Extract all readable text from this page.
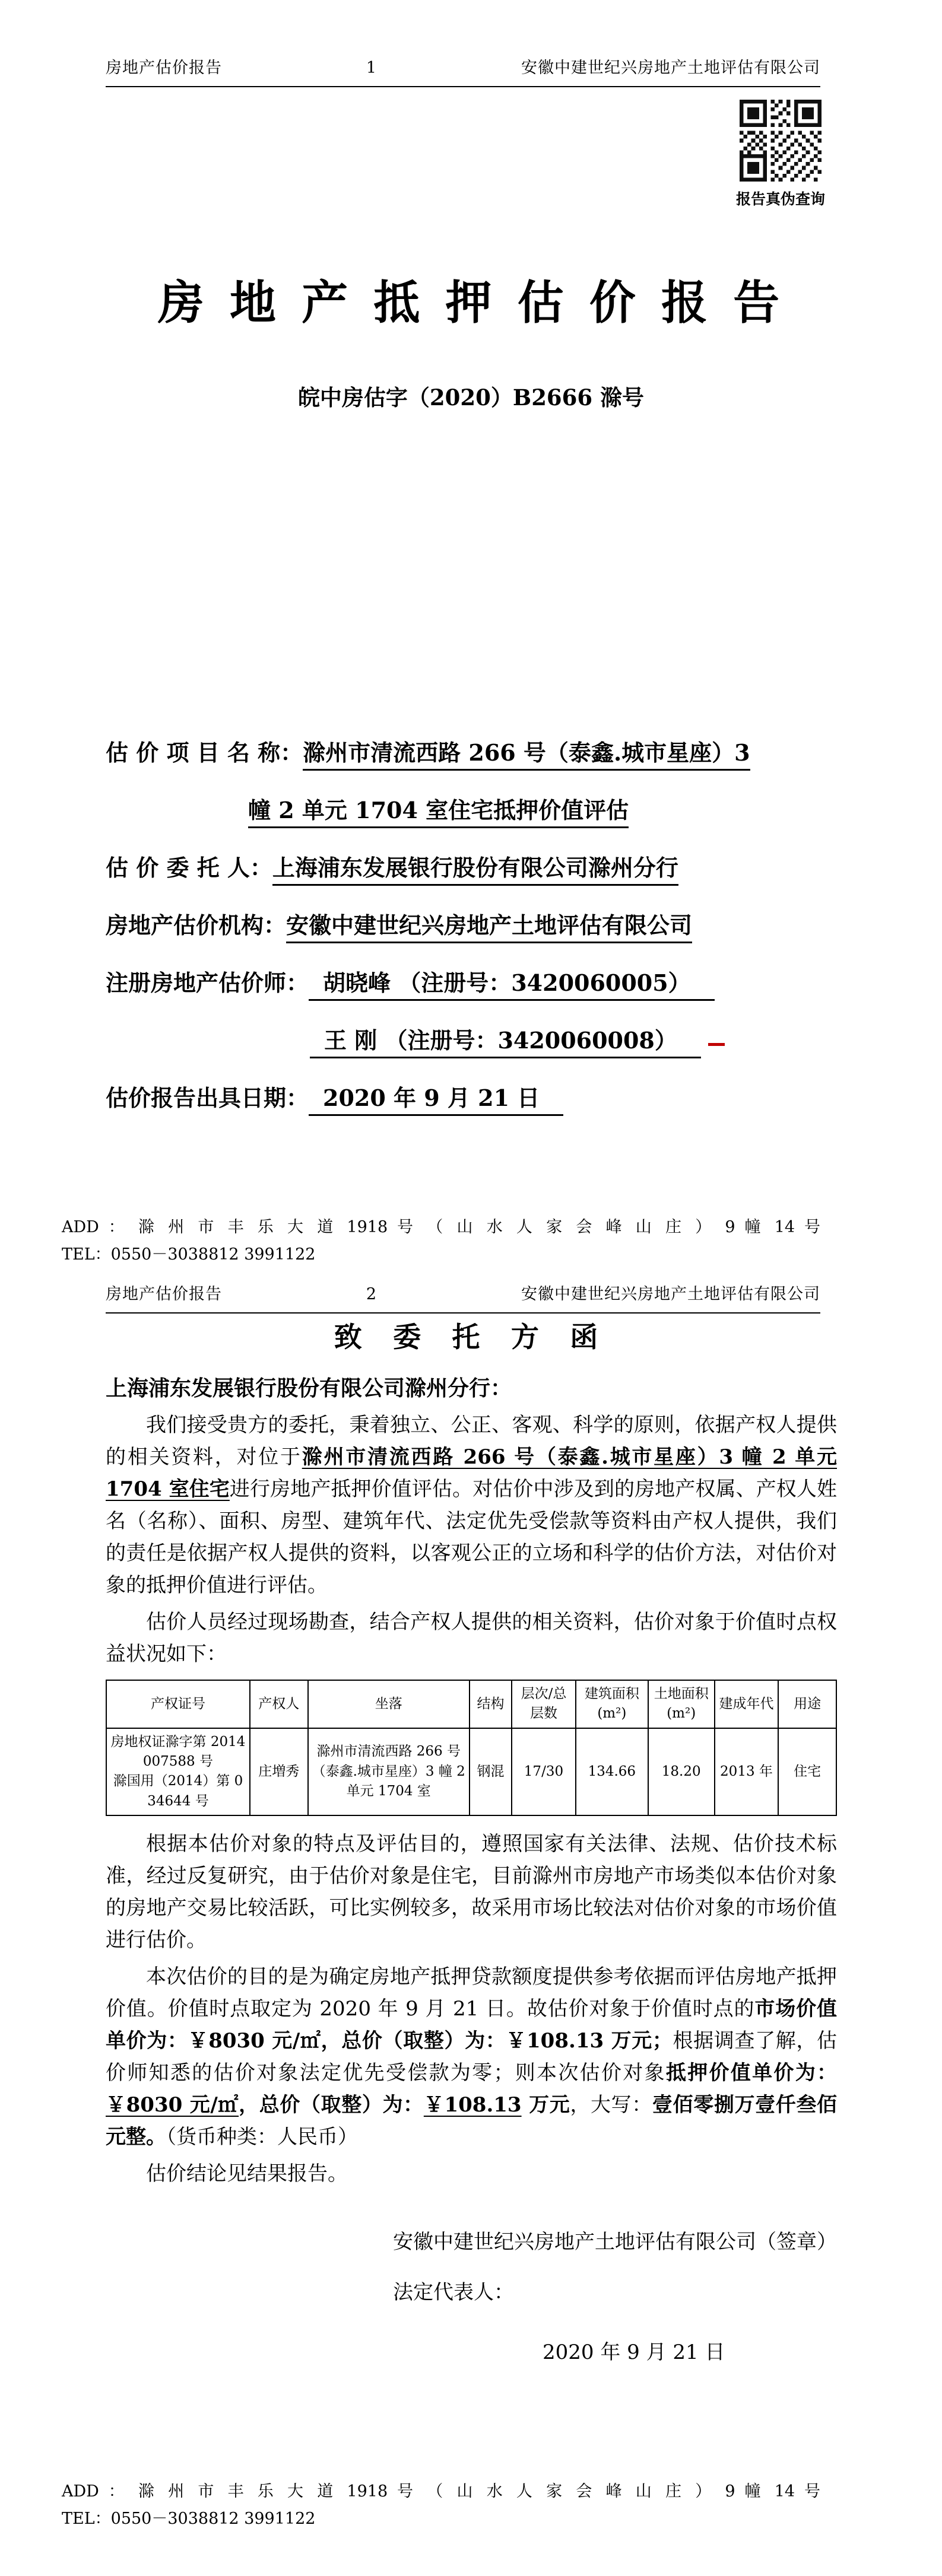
房地产估价报告	1	安徽中建世纪兴房地产土地评估有限公司
报告真伪查询
房 地 产 抵 押 估 价 报 告
皖中房估字（2020）B2666 滁号
估 价 项 目 名 称：滁州市清流西路 266 号（泰鑫.城市星座）3
幢 2 单元 1704 室住宅抵押价值评估
估 价 委 托 人：上海浦东发展银行股份有限公司滁州分行
房地产估价机构：安徽中建世纪兴房地产土地评估有限公司
注册房地产估价师： 胡晓峰 （注册号：3420060005）
王 刚 （注册号：3420060008）
估价报告出具日期： 2020 年 9 月 21 日
ADD ： 滁 州 市 丰 乐 大 道 1918 号 （ 山 水 人 家 会 峰 山 庄 ） 9 幢 14 号
TEL：0550－3038812 3991122
房地产估价报告	2	安徽中建世纪兴房地产土地评估有限公司
致 委 托 方 函
上海浦东发展银行股份有限公司滁州分行：

我们接受贵方的委托，秉着独立、公正、客观、科学的原则，依据产权人提供的相关资料，对位于滁州市清流西路 266 号（泰鑫.城市星座）3 幢 2 单元 1704 室住宅进行房地产抵押价值评估。对估价中涉及到的房地产权属、产权人姓名（名称）、面积、房型、建筑年代、法定优先受偿款等资料由产权人提供，我们的责任是依据产权人提供的资料，以客观公正的立场和科学的估价方法，对估价对象的抵押价值进行评估。

估价人员经过现场勘查，结合产权人提供的相关资料，估价对象于价值时点权益状况如下：

产权证号	产权人	坐落	结构	层次/总层数	建筑面积(m²)	土地面积(m²)	建成年代	用途

房地权证滁字第 2014007588 号
滁国用（2014）第 034644 号	庄増秀	滁州市清流西路 266 号（泰鑫.城市星座）3 幢 2 单元 1704 室	钢混	17/30	134.66	18.20	2013 年	住宅

根据本估价对象的特点及评估目的，遵照国家有关法律、法规、估价技术标准，经过反复研究，由于估价对象是住宅，目前滁州市房地产市场类似本估价对象的房地产交易比较活跃，可比实例较多，故采用市场比较法对估价对象的市场价值进行估价。

本次估价的目的是为确定房地产抵押贷款额度提供参考依据而评估房地产抵押价值。价值时点取定为 2020 年 9 月 21 日。故估价对象于价值时点的市场价值单价为：￥8030 元/㎡，总价（取整）为：￥108.13 万元；根据调查了解，估价师知悉的估价对象法定优先受偿款为零；则本次估价对象抵押价值单价为：￥8030 元/㎡，总价（取整）为：￥108.13 万元，大写：壹佰零捌万壹仟叁佰元整。（货币种类：人民币）

估价结论见结果报告。

安徽中建世纪兴房地产土地评估有限公司（签章）
法定代表人：
2020 年 9 月 21 日
ADD ： 滁 州 市 丰 乐 大 道 1918 号 （ 山 水 人 家 会 峰 山 庄 ） 9 幢 14 号
TEL：0550－3038812 3991122
